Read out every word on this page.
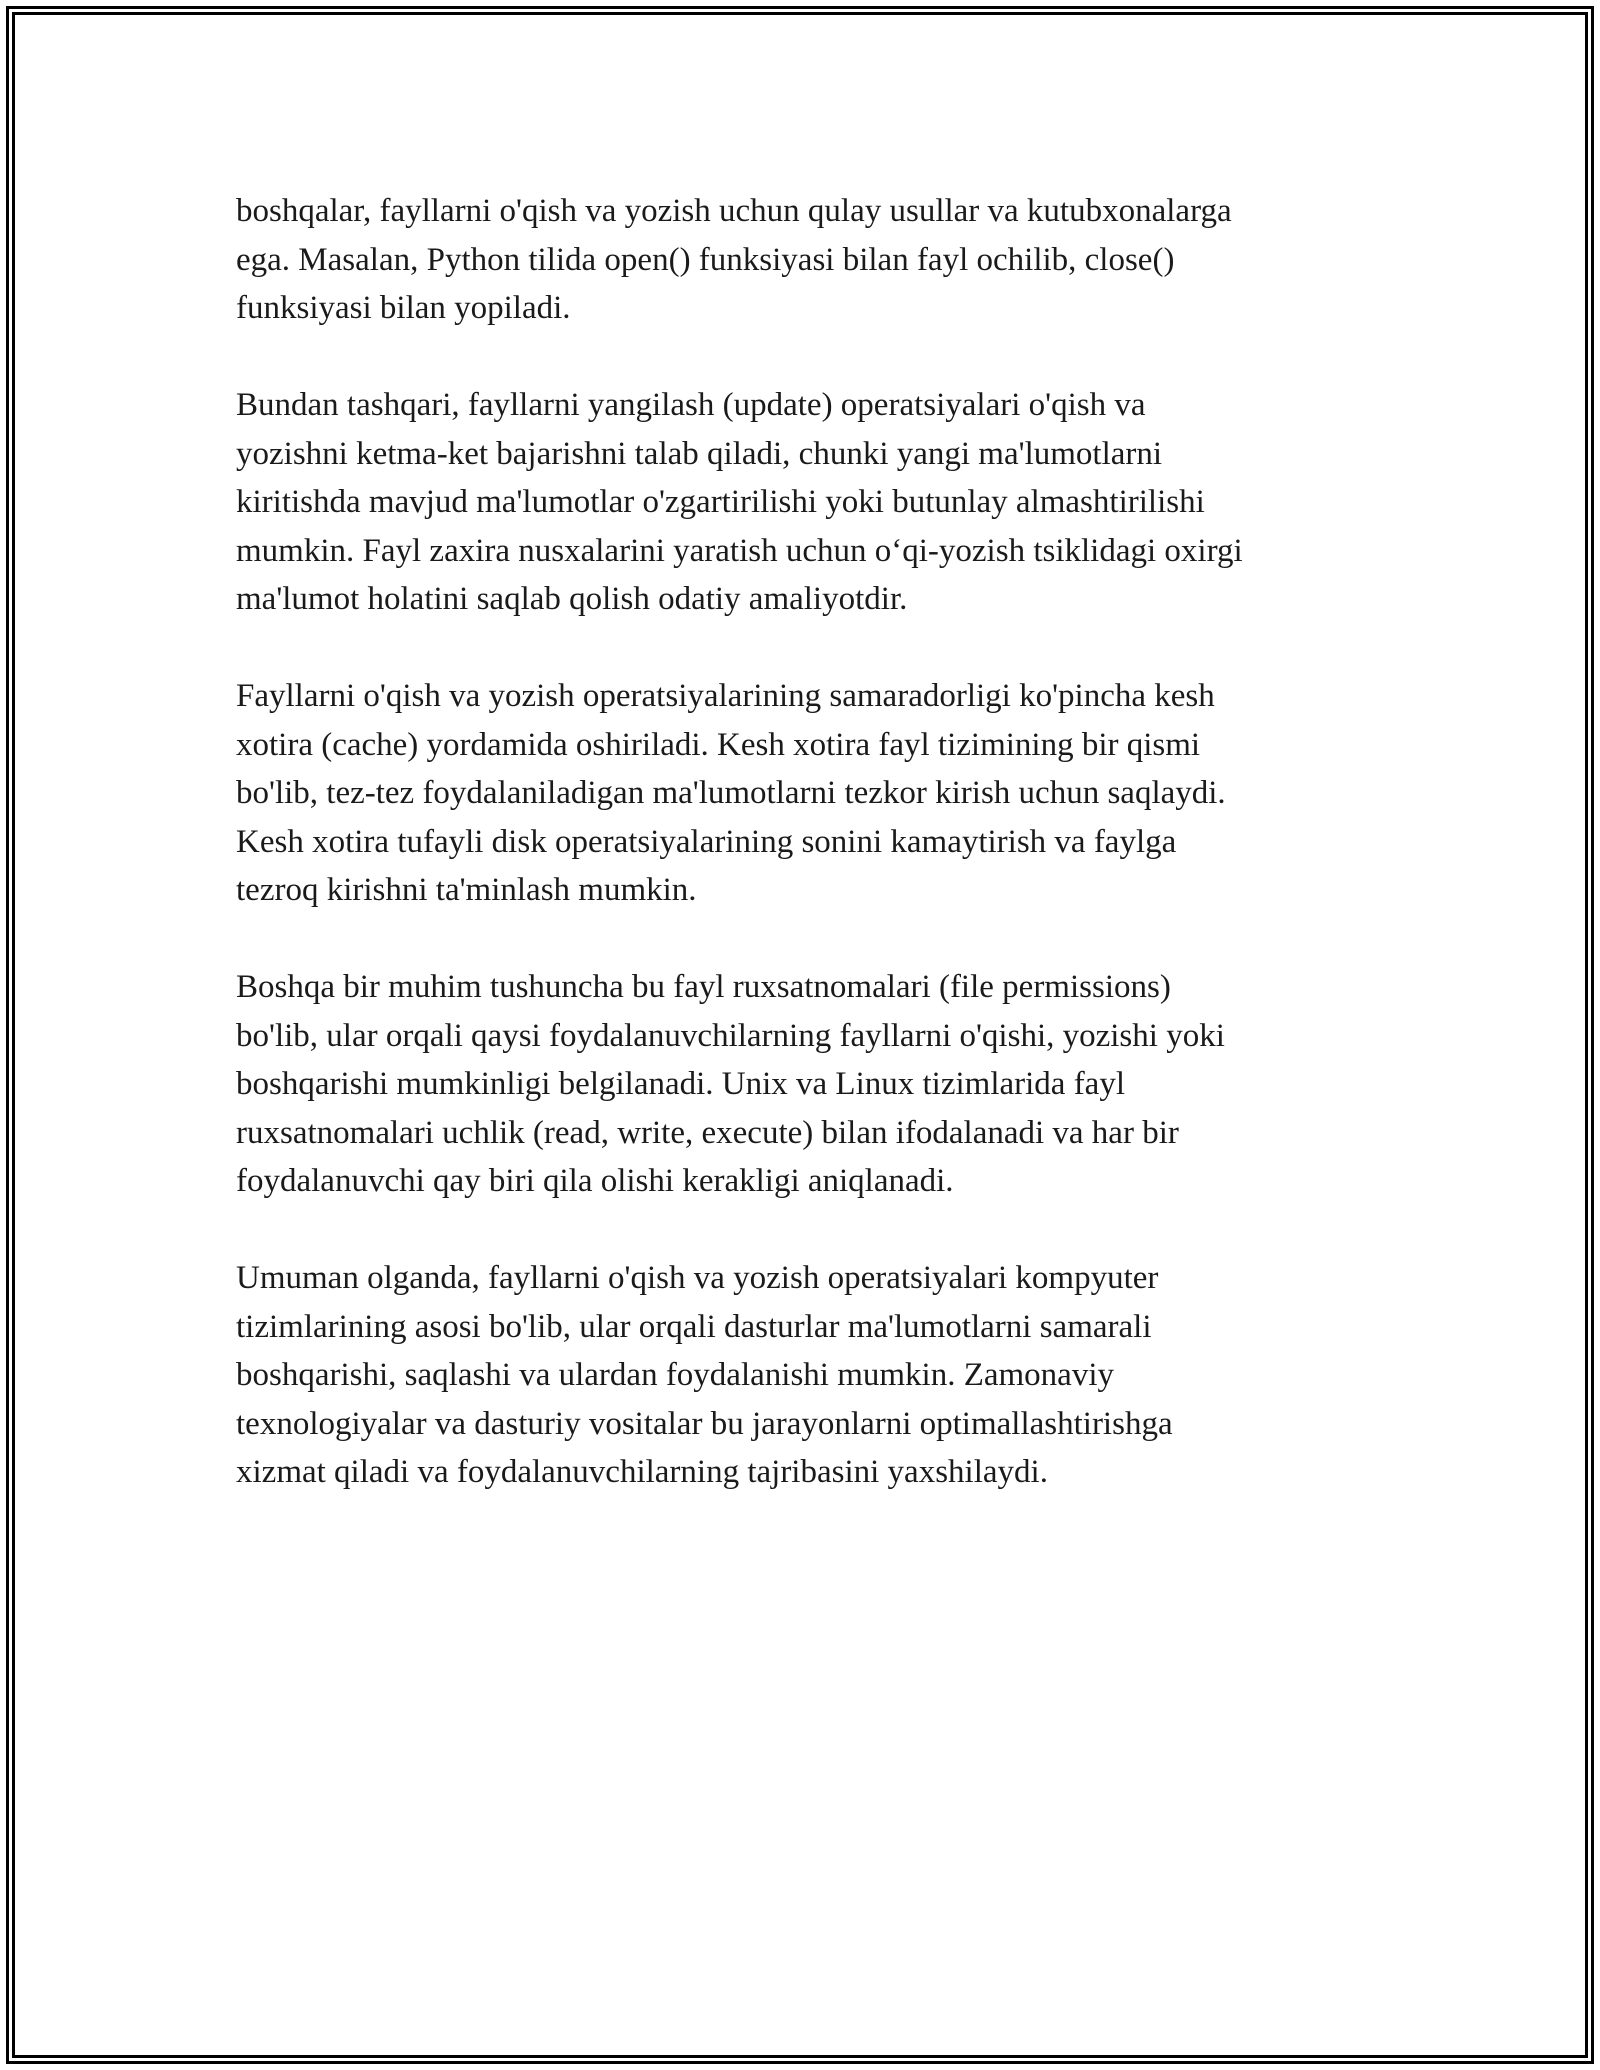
boshqalar, fayllarni o'qish va yozish uchun qulay usullar va kutubxonalarga
ega. Masalan, Python tilida open() funksiyasi bilan fayl ochilib, close()
funksiyasi bilan yopiladi.
Bundan tashqari, fayllarni yangilash (update) operatsiyalari o'qish va
yozishni ketma-ket bajarishni talab qiladi, chunki yangi ma'lumotlarni
kiritishda mavjud ma'lumotlar o'zgartirilishi yoki butunlay almashtirilishi
mumkin. Fayl zaxira nusxalarini yaratish uchun o‘qi-yozish tsiklidagi oxirgi
ma'lumot holatini saqlab qolish odatiy amaliyotdir.
Fayllarni o'qish va yozish operatsiyalarining samaradorligi ko'pincha kesh
xotira (cache) yordamida oshiriladi. Kesh xotira fayl tizimining bir qismi
bo'lib, tez-tez foydalaniladigan ma'lumotlarni tezkor kirish uchun saqlaydi.
Kesh xotira tufayli disk operatsiyalarining sonini kamaytirish va faylga
tezroq kirishni ta'minlash mumkin.
Boshqa bir muhim tushuncha bu fayl ruxsatnomalari (file permissions)
bo'lib, ular orqali qaysi foydalanuvchilarning fayllarni o'qishi, yozishi yoki
boshqarishi mumkinligi belgilanadi. Unix va Linux tizimlarida fayl
ruxsatnomalari uchlik (read, write, execute) bilan ifodalanadi va har bir
foydalanuvchi qay biri qila olishi kerakligi aniqlanadi.
Umuman olganda, fayllarni o'qish va yozish operatsiyalari kompyuter
tizimlarining asosi bo'lib, ular orqali dasturlar ma'lumotlarni samarali
boshqarishi, saqlashi va ulardan foydalanishi mumkin. Zamonaviy
texnologiyalar va dasturiy vositalar bu jarayonlarni optimallashtirishga
xizmat qiladi va foydalanuvchilarning tajribasini yaxshilaydi.
